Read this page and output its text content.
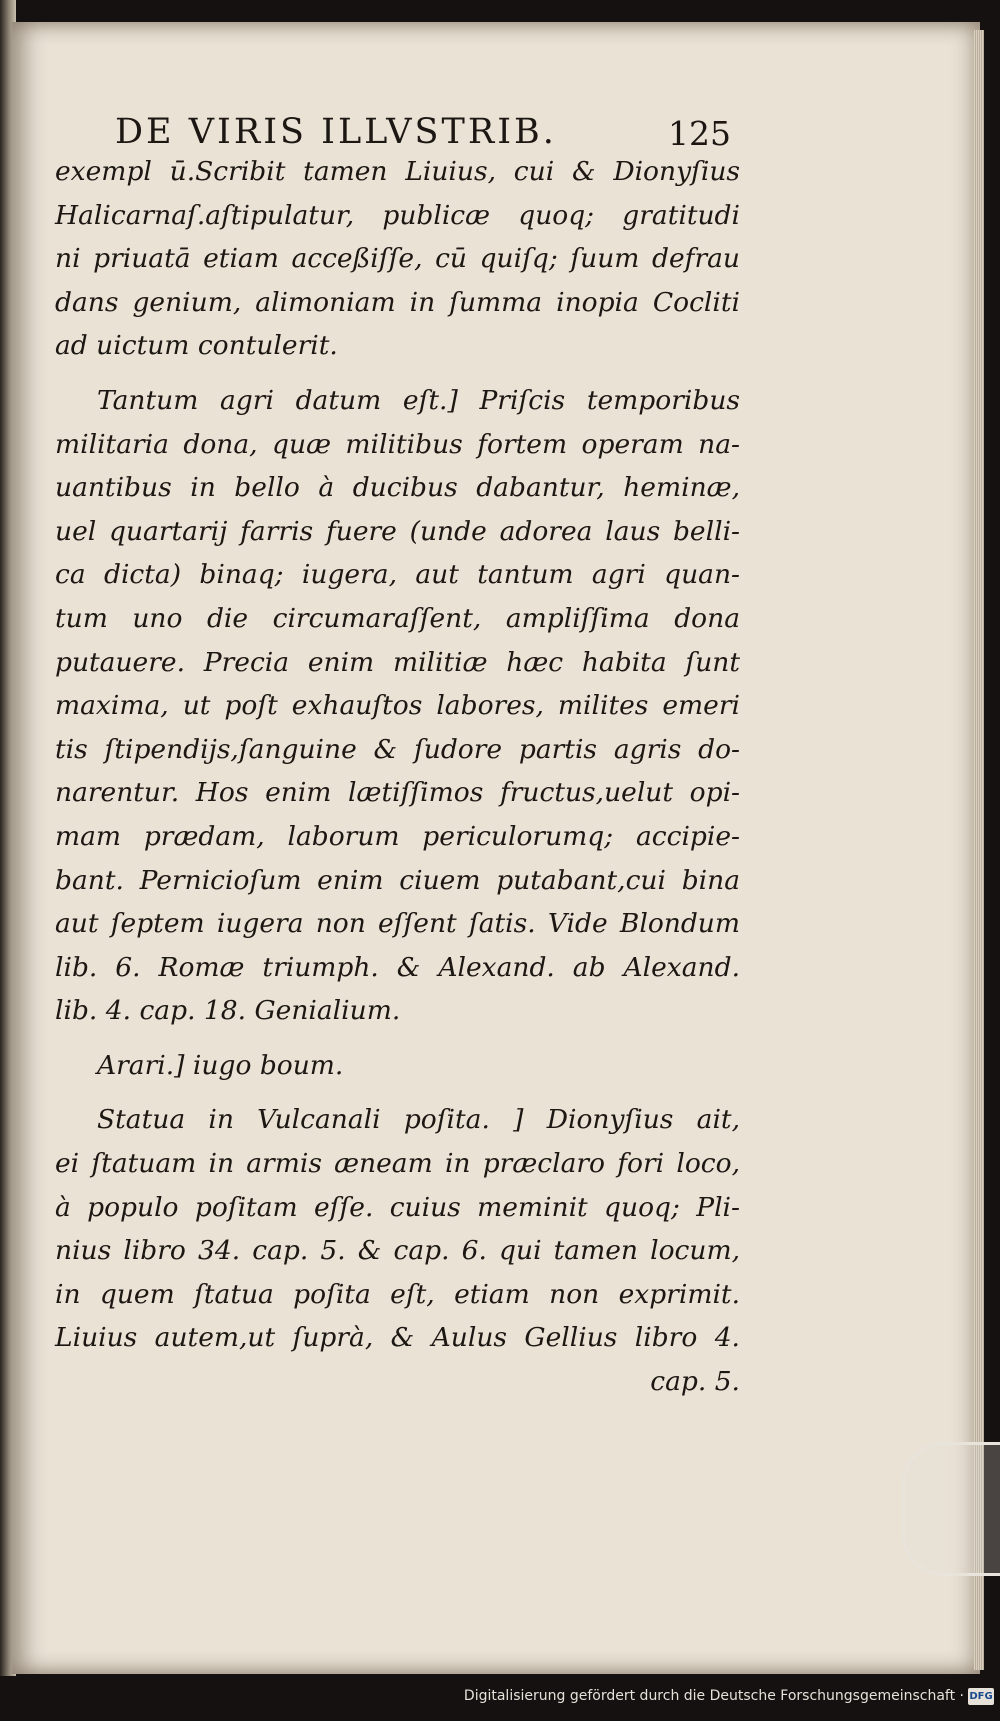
DE VIRIS ILLVSTRIB.	125
exempl ū.Scribit tamen Liuius, cui & Dionyſius
Halicarnaſ.aſtipulatur, publicæ quoq; gratitudi
ni priuatā etiam acceßiſſe, cū quiſq; ſuum defrau
dans genium, alimoniam in ſumma inopia Cocliti
ad uictum contulerit.
Tantum agri datum eſt.] Priſcis temporibus
militaria dona, quæ militibus fortem operam na-
uantibus in bello à ducibus dabantur, heminæ,
uel quartarij farris fuere (unde adorea laus belli-
ca dicta) binaq; iugera, aut tantum agri quan-
tum uno die circumaraſſent, ampliſſima dona
putauere. Precia enim militiæ hæc habita ſunt
maxima, ut poſt exhauſtos labores, milites emeri
tis ſtipendijs,ſanguine & ſudore partis agris do-
narentur. Hos enim lætiſſimos fructus,uelut opi-
mam prædam, laborum periculorumq; accipie-
bant. Pernicioſum enim ciuem putabant,cui bina
aut ſeptem iugera non eſſent ſatis. Vide Blondum
lib. 6. Romæ triumph. & Alexand. ab Alexand.
lib. 4. cap. 18. Genialium.
Arari.] iugo boum.
Statua in Vulcanali poſita. ] Dionyſius ait,
ei ſtatuam in armis æneam in præclaro fori loco,
à populo poſitam eſſe. cuius meminit quoq; Pli-
nius libro 34. cap. 5. & cap. 6. qui tamen locum,
in quem ſtatua poſita eſt, etiam non exprimit.
Liuius autem,ut ſuprà, & Aulus Gellius libro 4.
cap. 5.
Digitalisierung gefördert durch die Deutsche Forschungsgemeinschaft · DFG
